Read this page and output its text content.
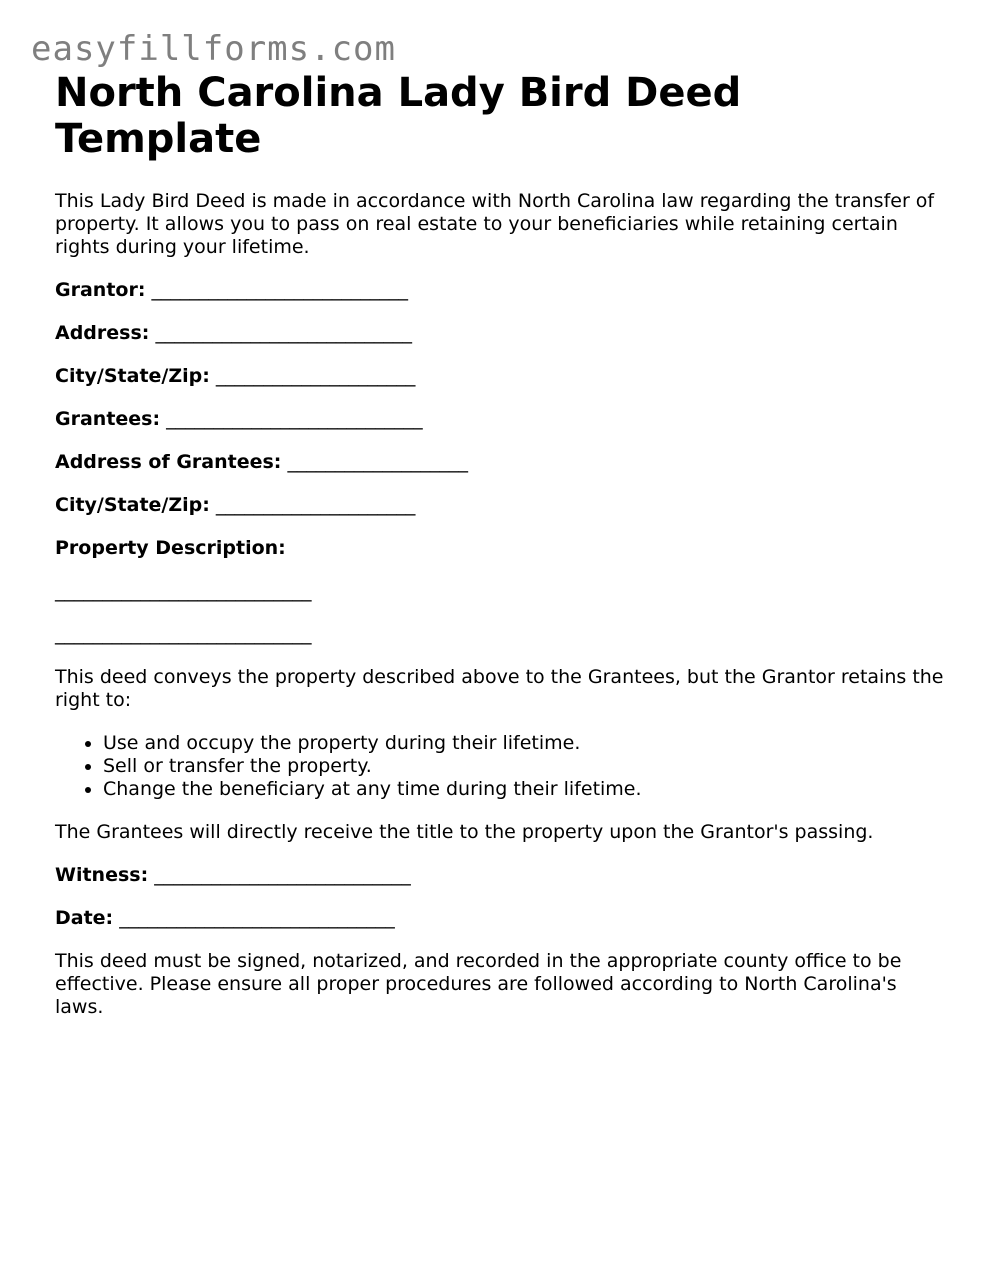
easyfillforms.com
North Carolina Lady Bird Deed Template

This Lady Bird Deed is made in accordance with North Carolina law regarding the transfer of property. It allows you to pass on real estate to your beneficiaries while retaining certain rights during your lifetime.

Grantor: ___________________________
Address: ___________________________
City/State/Zip: _____________________
Grantees: ___________________________
Address of Grantees: ___________________
City/State/Zip: _____________________
Property Description:
___________________________
___________________________

This deed conveys the property described above to the Grantees, but the Grantor retains the right to:

• Use and occupy the property during their lifetime.
• Sell or transfer the property.
• Change the beneficiary at any time during their lifetime.

The Grantees will directly receive the title to the property upon the Grantor's passing.

Witness: ___________________________
Date: _____________________________

This deed must be signed, notarized, and recorded in the appropriate county office to be effective. Please ensure all proper procedures are followed according to North Carolina's laws.
